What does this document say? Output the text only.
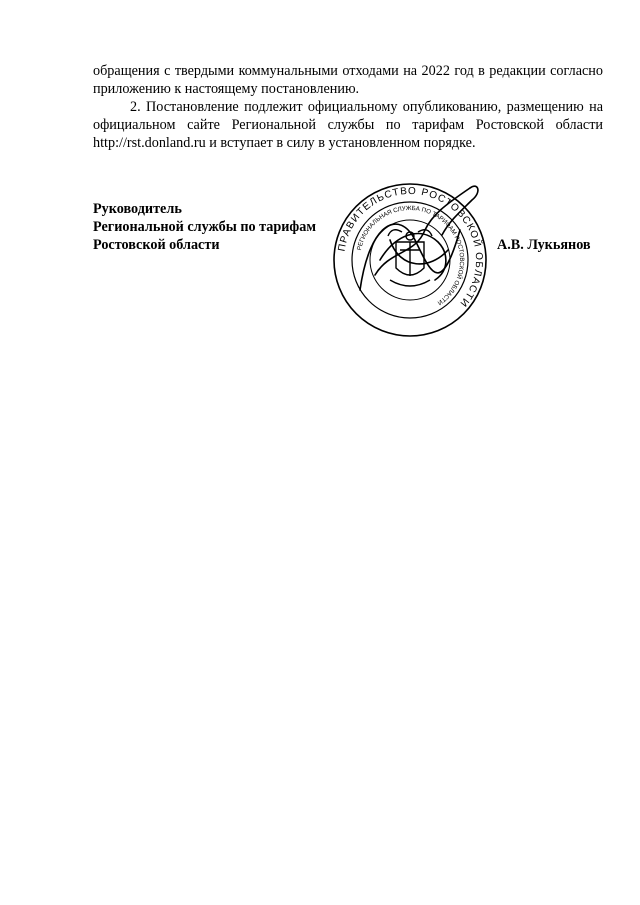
обращения с твердыми коммунальными отходами на 2022 год в редакции согласно приложению к настоящему постановлению.

2. Постановление подлежит официальному опубликованию, размещению на официальном сайте Региональной службы по тарифам Ростовской области http://rst.donland.ru и вступает в силу в установленном порядке.

Руководитель
Региональной службы по тарифам
Ростовской области	ПРАВИТЕЛЬСТВО РОСТОВСКОЙ ОБЛАСТИ
РЕГИОНАЛЬНАЯ СЛУЖБА ПО ТАРИФАМ РОСТОВСКОЙ ОБЛАСТИ
А.В. Лукьянов
